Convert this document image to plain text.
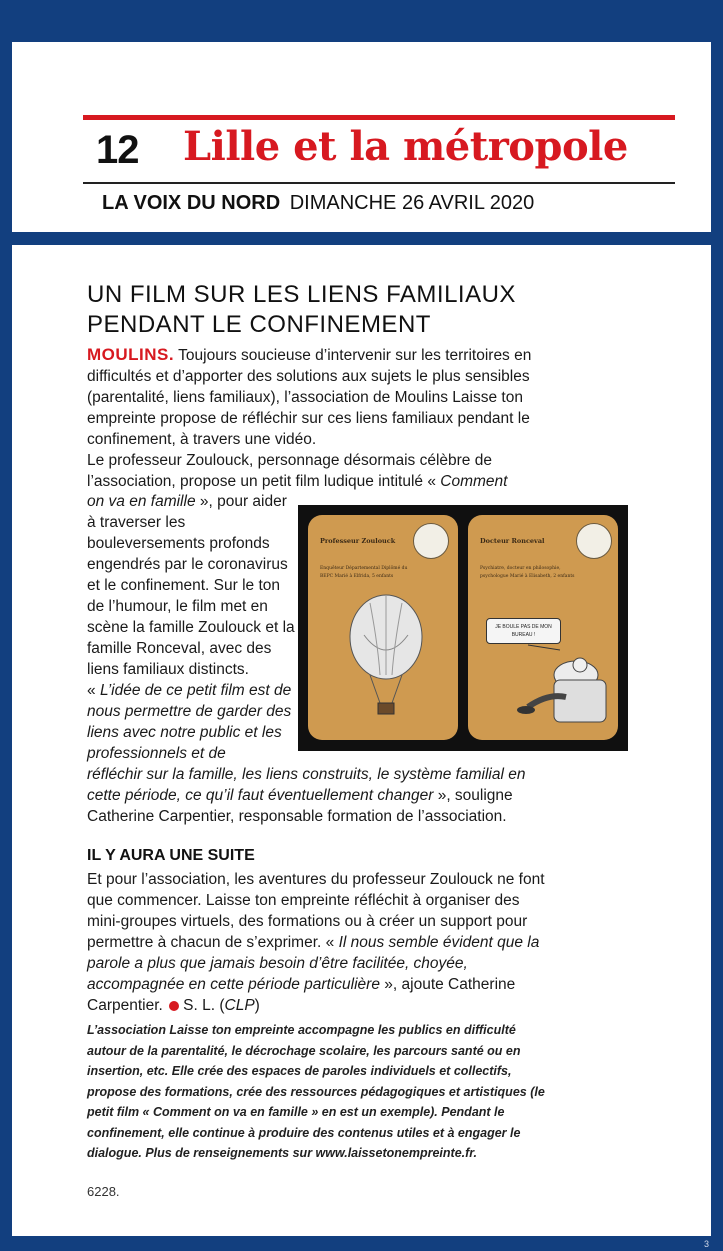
12 Lille et la métropole
LA VOIX DU NORD DIMANCHE 26 AVRIL 2020
UN FILM SUR LES LIENS FAMILIAUX
PENDANT LE CONFINEMENT
MOULINS. Toujours soucieuse d’intervenir sur les territoires en difficultés et d’apporter des solutions aux sujets le plus sensibles (parentalité, liens familiaux), l’association de Moulins Laisse ton empreinte propose de réfléchir sur ces liens familiaux pendant le confinement, à travers une vidéo.
Le professeur Zoulouck, personnage désormais célèbre de l’association, propose un petit film ludique intitulé « Comment
on va en famille », pour aider à traverser les bouleversements profonds engendrés par le coronavirus et le confinement. Sur le ton de l’humour, le film met en scène la famille Zoulouck et la famille Ronceval, avec des liens familiaux distincts.
« L’idée de ce petit film est de nous permettre de garder des liens avec notre public et les professionnels et de
réfléchir sur la famille, les liens construits, le système familial en cette période, ce qu’il faut éventuellement changer », souligne Catherine Carpentier, responsable formation de l’association.
IL Y AURA UNE SUITE
Et pour l’association, les aventures du professeur Zoulouck ne font que commencer. Laisse ton empreinte réfléchit à organiser des mini-groupes virtuels, des formations ou à créer un support pour permettre à chacun de s’exprimer. « Il nous semble évident que la parole a plus que jamais besoin d’être facilitée, choyée, accompagnée en cette période particulière », ajoute Catherine Carpentier. S. L. (CLP)
L’association Laisse ton empreinte accompagne les publics en difficulté autour de la parentalité, le décrochage scolaire, les parcours santé ou en insertion, etc. Elle crée des espaces de paroles individuels et collectifs, propose des formations, crée des ressources pédagogiques et artistiques (le petit film « Comment on va en famille » en est un exemple). Pendant le confinement, elle continue à produire des contenus utiles et à engager le dialogue. Plus de renseignements sur www.laissetonempreinte.fr.
6228.
Professeur Zoulouck
Enquêteur Départemental Diplômé du BEPC Marié à Elfrida, 5 enfants
Docteur Ronceval
Psychiatre, docteur en philosophie, psychologue Marié à Elisabeth, 2 enfants
JE BOULE PAS DE MON BUREAU !
3
